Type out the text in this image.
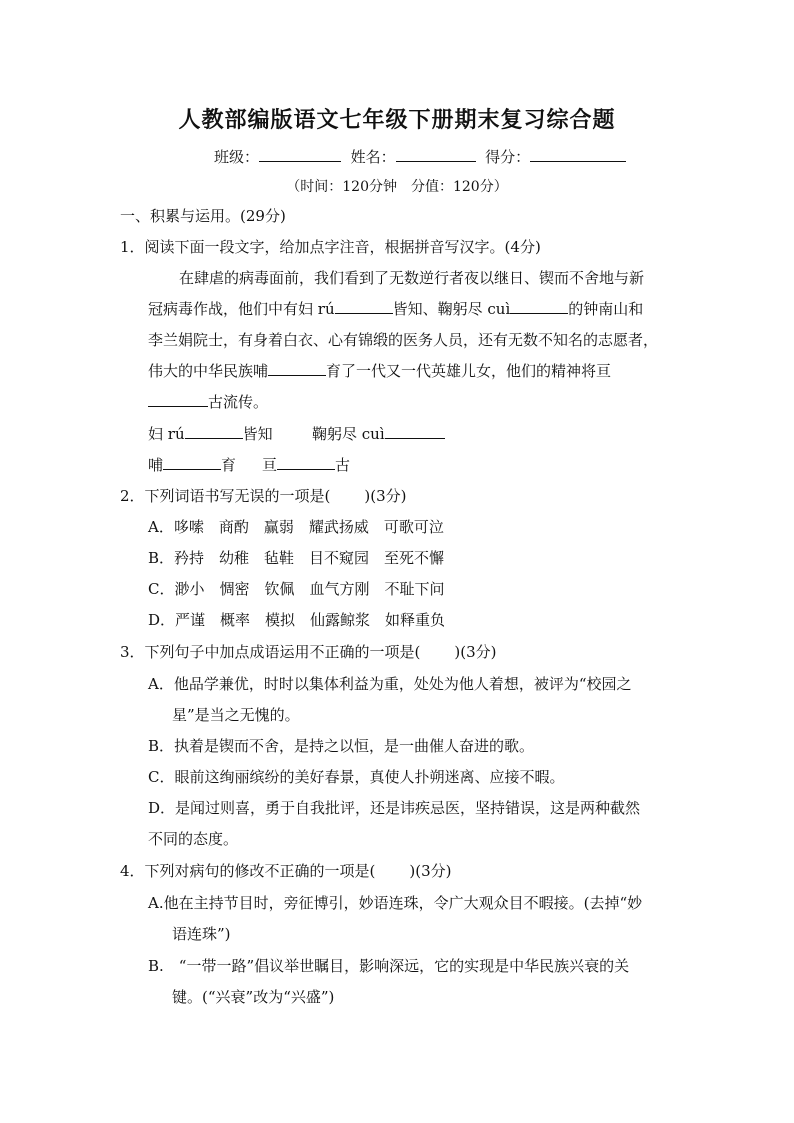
人教部编版语文七年级下册期末复习综合题
班级：	姓名：	得分：
（时间：120分钟　分值：120分）
一、积累与运用。(29分)
1．阅读下面一段文字，给加点字注音，根据拼音写汉字。(4分)
在肆虐的病毒面前，我们看到了无数逆行者夜以继日、锲而不舍地与新
冠病毒作战，他们中有妇 rú	皆知、鞠躬尽 cuì	的钟南山和
李兰娟院士，有身着白衣、心有锦缎的医务人员，还有无数不知名的志愿者，
伟大的中华民族哺	育了一代又一代英雄儿女，他们的精神将亘
古流传。
妇 rú	皆知	鞠躬尽 cuì
哺	育 亘	古
2．下列词语书写无误的一项是( )(3分)
A．哆嗦　商酌　赢弱　耀武扬威　可歌可泣
B．矜持　幼稚　毡鞋　目不窥园　至死不懈
C．渺小　惆密　钦佩　血气方刚　不耻下问
D．严谨　概率　模拟　仙露鲸浆　如释重负
3．下列句子中加点成语运用不正确的一项是( )(3分)
A．他品学兼优，时时以集体利益为重，处处为他人着想，被评为“校园之
星”是当之无愧的。
B．执着是锲而不舍，是持之以恒，是一曲催人奋进的歌。
C．眼前这绚丽缤纷的美好春景，真使人扑朔迷离、应接不暇。
D．是闻过则喜，勇于自我批评，还是讳疾忌医，坚持错误，这是两种截然
不同的态度。
4．下列对病句的修改不正确的一项是( )(3分)
A.他在主持节目时，旁征博引，妙语连珠，令广大观众目不暇接。(去掉“妙
语连珠”)
B.　“一带一路”倡议举世瞩目，影响深远，它的实现是中华民族兴衰的关
键。(“兴衰”改为“兴盛”)
